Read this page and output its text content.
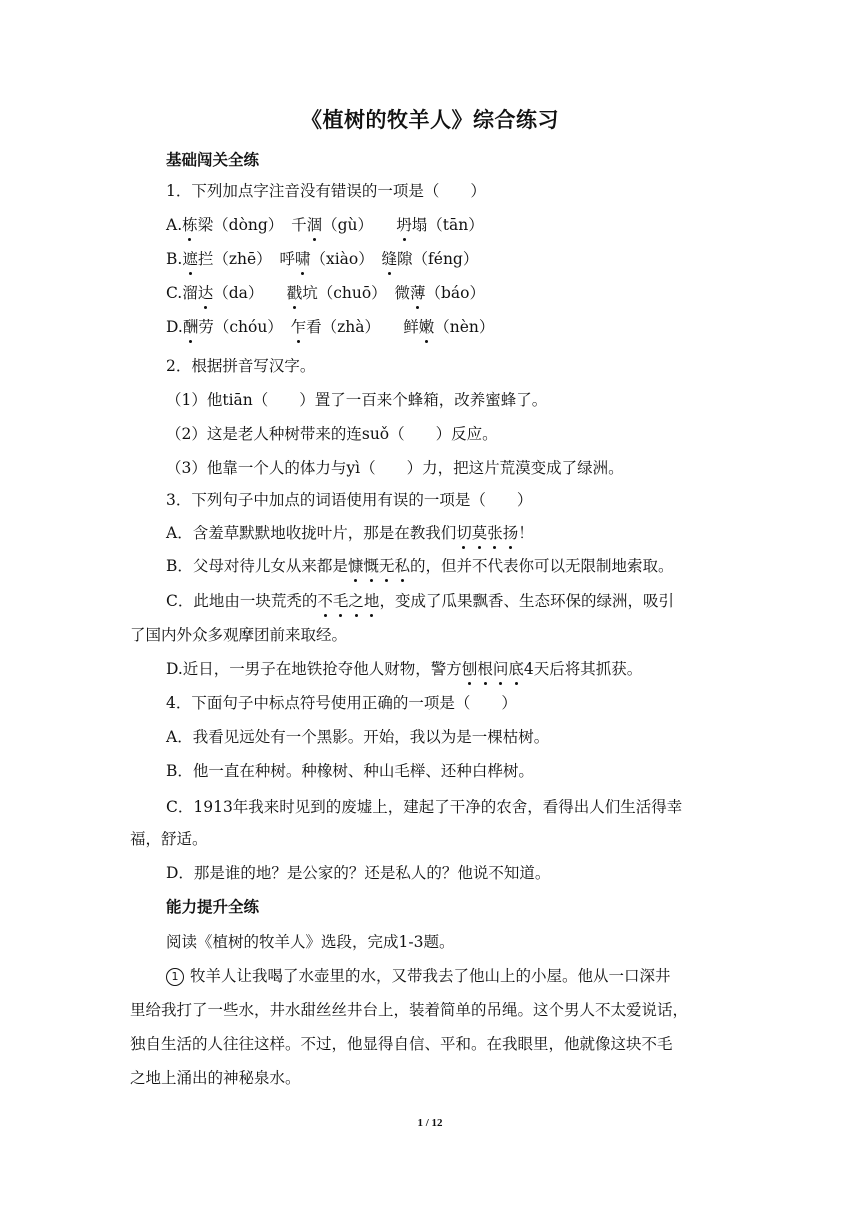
《植树的牧羊人》综合练习
基础闯关全练
1．下列加点字注音没有错误的一项是（　　）
A.栋梁（dòng）　 千涸（gù）　　 坍塌（tān）
B.遮拦（zhē）　 呼啸（xiào）　 缝隙（féng）
C.溜达（da）　　 戳坑（chuō）　 微薄（báo）
D.酬劳（chóu）　 乍看（zhà）　　 鲜嫩（nèn）
2．根据拼音写汉字。
（1）他tiān（　　）置了一百来个蜂箱，改养蜜蜂了。
（2）这是老人种树带来的连suǒ（　　）反应。
（3）他靠一个人的体力与yì（　　）力，把这片荒漠变成了绿洲。
3．下列句子中加点的词语使用有误的一项是（　　）
A．含羞草默默地收拢叶片，那是在教我们切莫张扬！
B．父母对待儿女从来都是慷慨无私的，但并不代表你可以无限制地索取。
C．此地由一块荒秃的不毛之地，变成了瓜果飘香、生态环保的绿洲，吸引
了国内外众多观摩团前来取经。
D.近日，一男子在地铁抢夺他人财物，警方刨根问底4天后将其抓获。
4．下面句子中标点符号使用正确的一项是（　　）
A．我看见远处有一个黑影。开始，我以为是一棵枯树。
B．他一直在种树。种橡树、种山毛榉、还种白桦树。
C．1913年我来时见到的废墟上，建起了干净的农舍，看得出人们生活得幸
福，舒适。
D．那是谁的地？是公家的？还是私人的？他说不知道。
能力提升全练
阅读《植树的牧羊人》选段，完成1-3题。
1 牧羊人让我喝了水壶里的水，又带我去了他山上的小屋。他从一口深井
里给我打了一些水，井水甜丝丝井台上，装着简单的吊绳。这个男人不太爱说话，
独自生活的人往往这样。不过，他显得自信、平和。在我眼里，他就像这块不毛
之地上涌出的神秘泉水。
1 / 12
